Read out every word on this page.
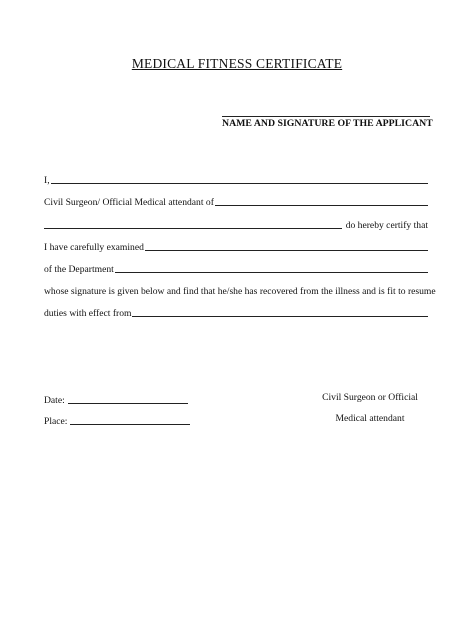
MEDICAL FITNESS CERTIFICATE
NAME AND SIGNATURE OF THE APPLICANT
I,
Civil Surgeon/ Official Medical attendant of
do hereby certify that
I have carefully examined
of the Department
whose signature is given below and find that he/she has recovered from the illness and is fit to resume
duties with effect from
Date:
Place:
Civil Surgeon or Official
Medical attendant
